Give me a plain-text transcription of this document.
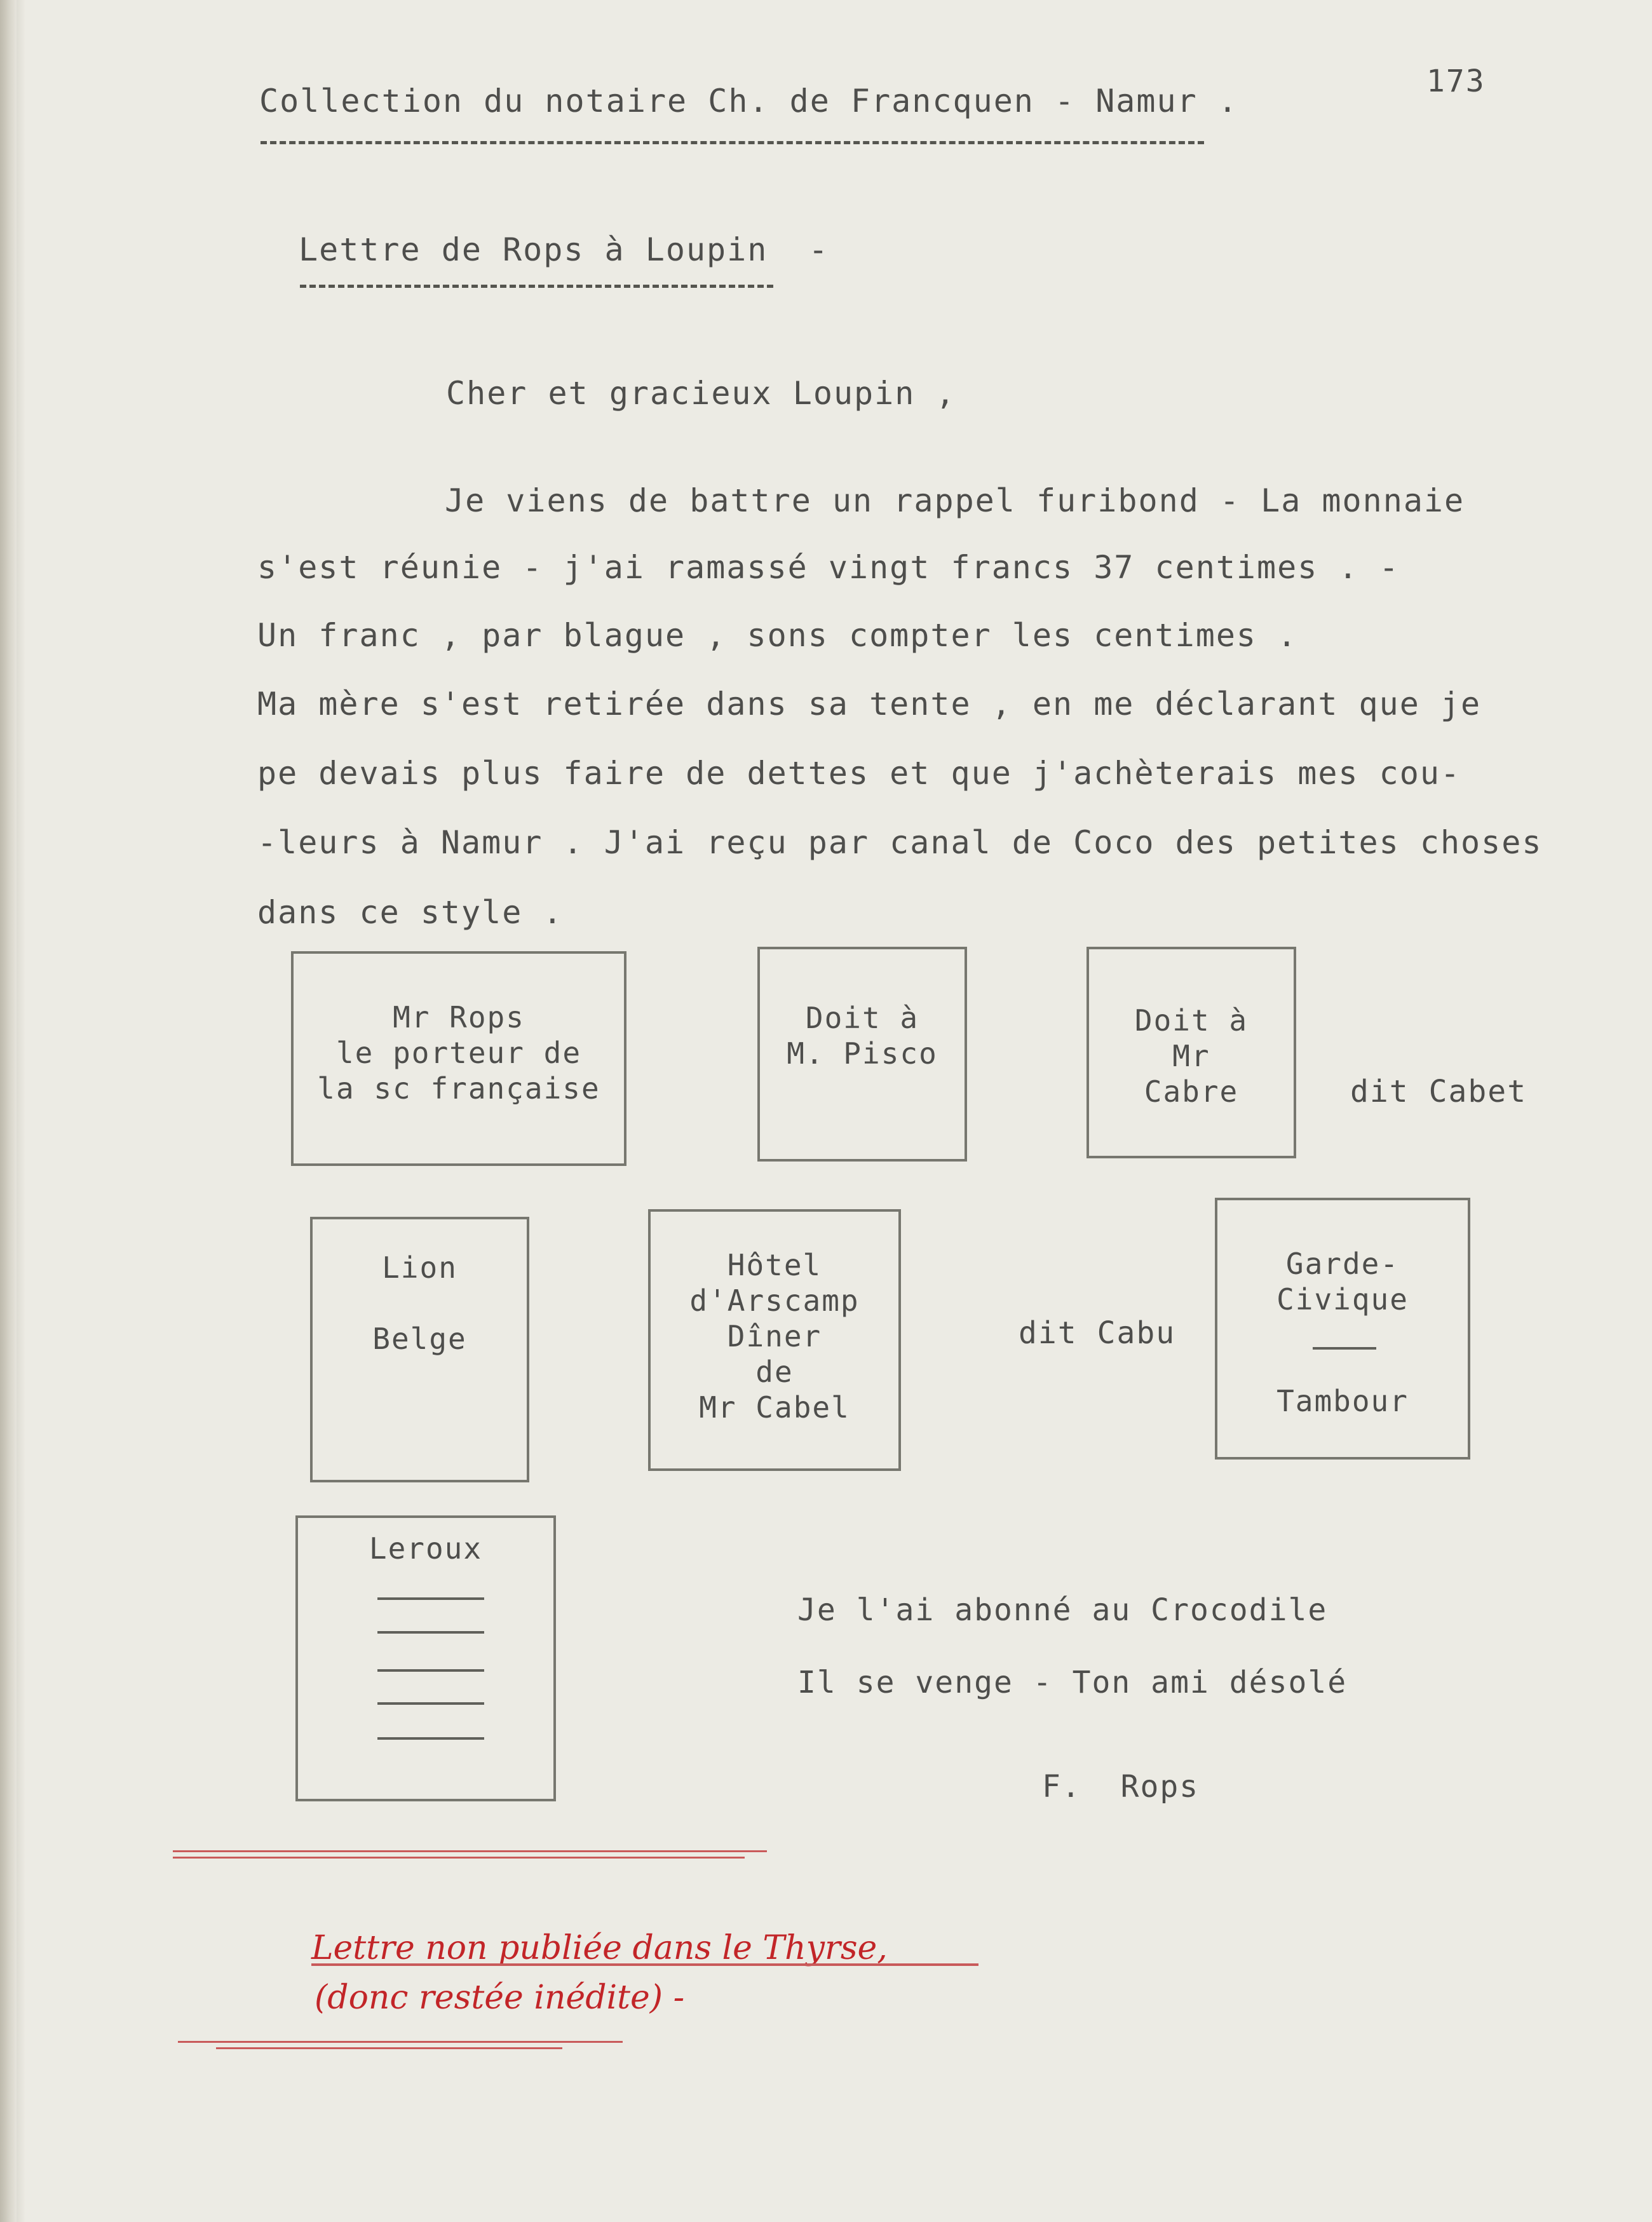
Collection du notaire Ch. de Francquen - Namur .
173
Lettre de Rops à Loupin  -
Cher et gracieux Loupin ,
Je viens de battre un rappel furibond - La monnaie
s'est réunie - j'ai ramassé vingt francs 37 centimes . -
Un franc , par blague , sons compter les centimes .
Ma mère s'est retirée dans sa tente , en me déclarant que je
pe devais plus faire de dettes et que j'achèterais mes cou-
-leurs à Namur . J'ai reçu par canal de Coco des petites choses
dans ce style .
Mr Rops
le porteur de
la sc française
Doit à
M. Pisco
Doit à
Mr
Cabre	dit Cabet
Lion
Belge
Hôtel
d'Arscamp
Dîner
de
Mr Cabel
dit Cabu
Garde-
Civique
Tambour
Leroux
Je l'ai abonné au Crocodile
Il se venge - Ton ami désolé
F.  Rops
Lettre non publiée dans le Thyrse,
(donc restée inédite) -
